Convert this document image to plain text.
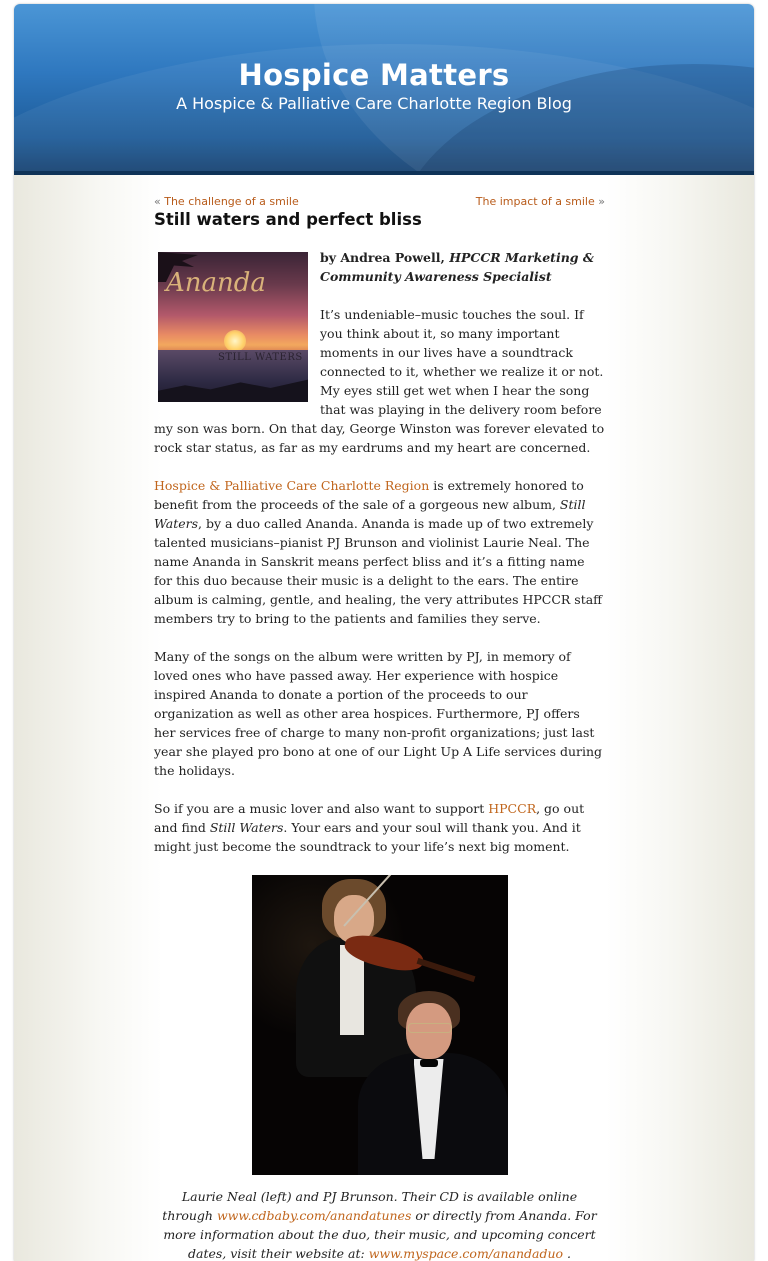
Hospice Matters
A Hospice & Palliative Care Charlotte Region Blog
« The challenge of a smile	The impact of a smile »
Still waters and perfect bliss
Ananda
STILL WATERS

by Andrea Powell, HPCCR Marketing & Community Awareness Specialist

It’s undeniable–music touches the soul. If you think about it, so many important moments in our lives have a soundtrack connected to it, whether we realize it or not. My eyes still get wet when I hear the song that was playing in the delivery room before my son was born. On that day, George Winston was forever elevated to rock star status, as far as my eardrums and my heart are concerned.

Hospice & Palliative Care Charlotte Region is extremely honored to benefit from the proceeds of the sale of a gorgeous new album, Still Waters, by a duo called Ananda. Ananda is made up of two extremely talented musicians–pianist PJ Brunson and violinist Laurie Neal. The name Ananda in Sanskrit means perfect bliss and it’s a fitting name for this duo because their music is a delight to the ears. The entire album is calming, gentle, and healing, the very attributes HPCCR staff members try to bring to the patients and families they serve.

Many of the songs on the album were written by PJ, in memory of loved ones who have passed away. Her experience with hospice inspired Ananda to donate a portion of the proceeds to our organization as well as other area hospices. Furthermore, PJ offers her services free of charge to many non-profit organizations; just last year she played pro bono at one of our Light Up A Life services during the holidays.

So if you are a music lover and also want to support HPCCR, go out and find Still Waters. Your ears and your soul will thank you. And it might just become the soundtrack to your life’s next big moment.

Laurie Neal (left) and PJ Brunson. Their CD is available online through www.cdbaby.com/anandatunes or directly from Ananda. For more information about the duo, their music, and upcoming concert dates, visit their website at: www.myspace.com/anandaduo .
